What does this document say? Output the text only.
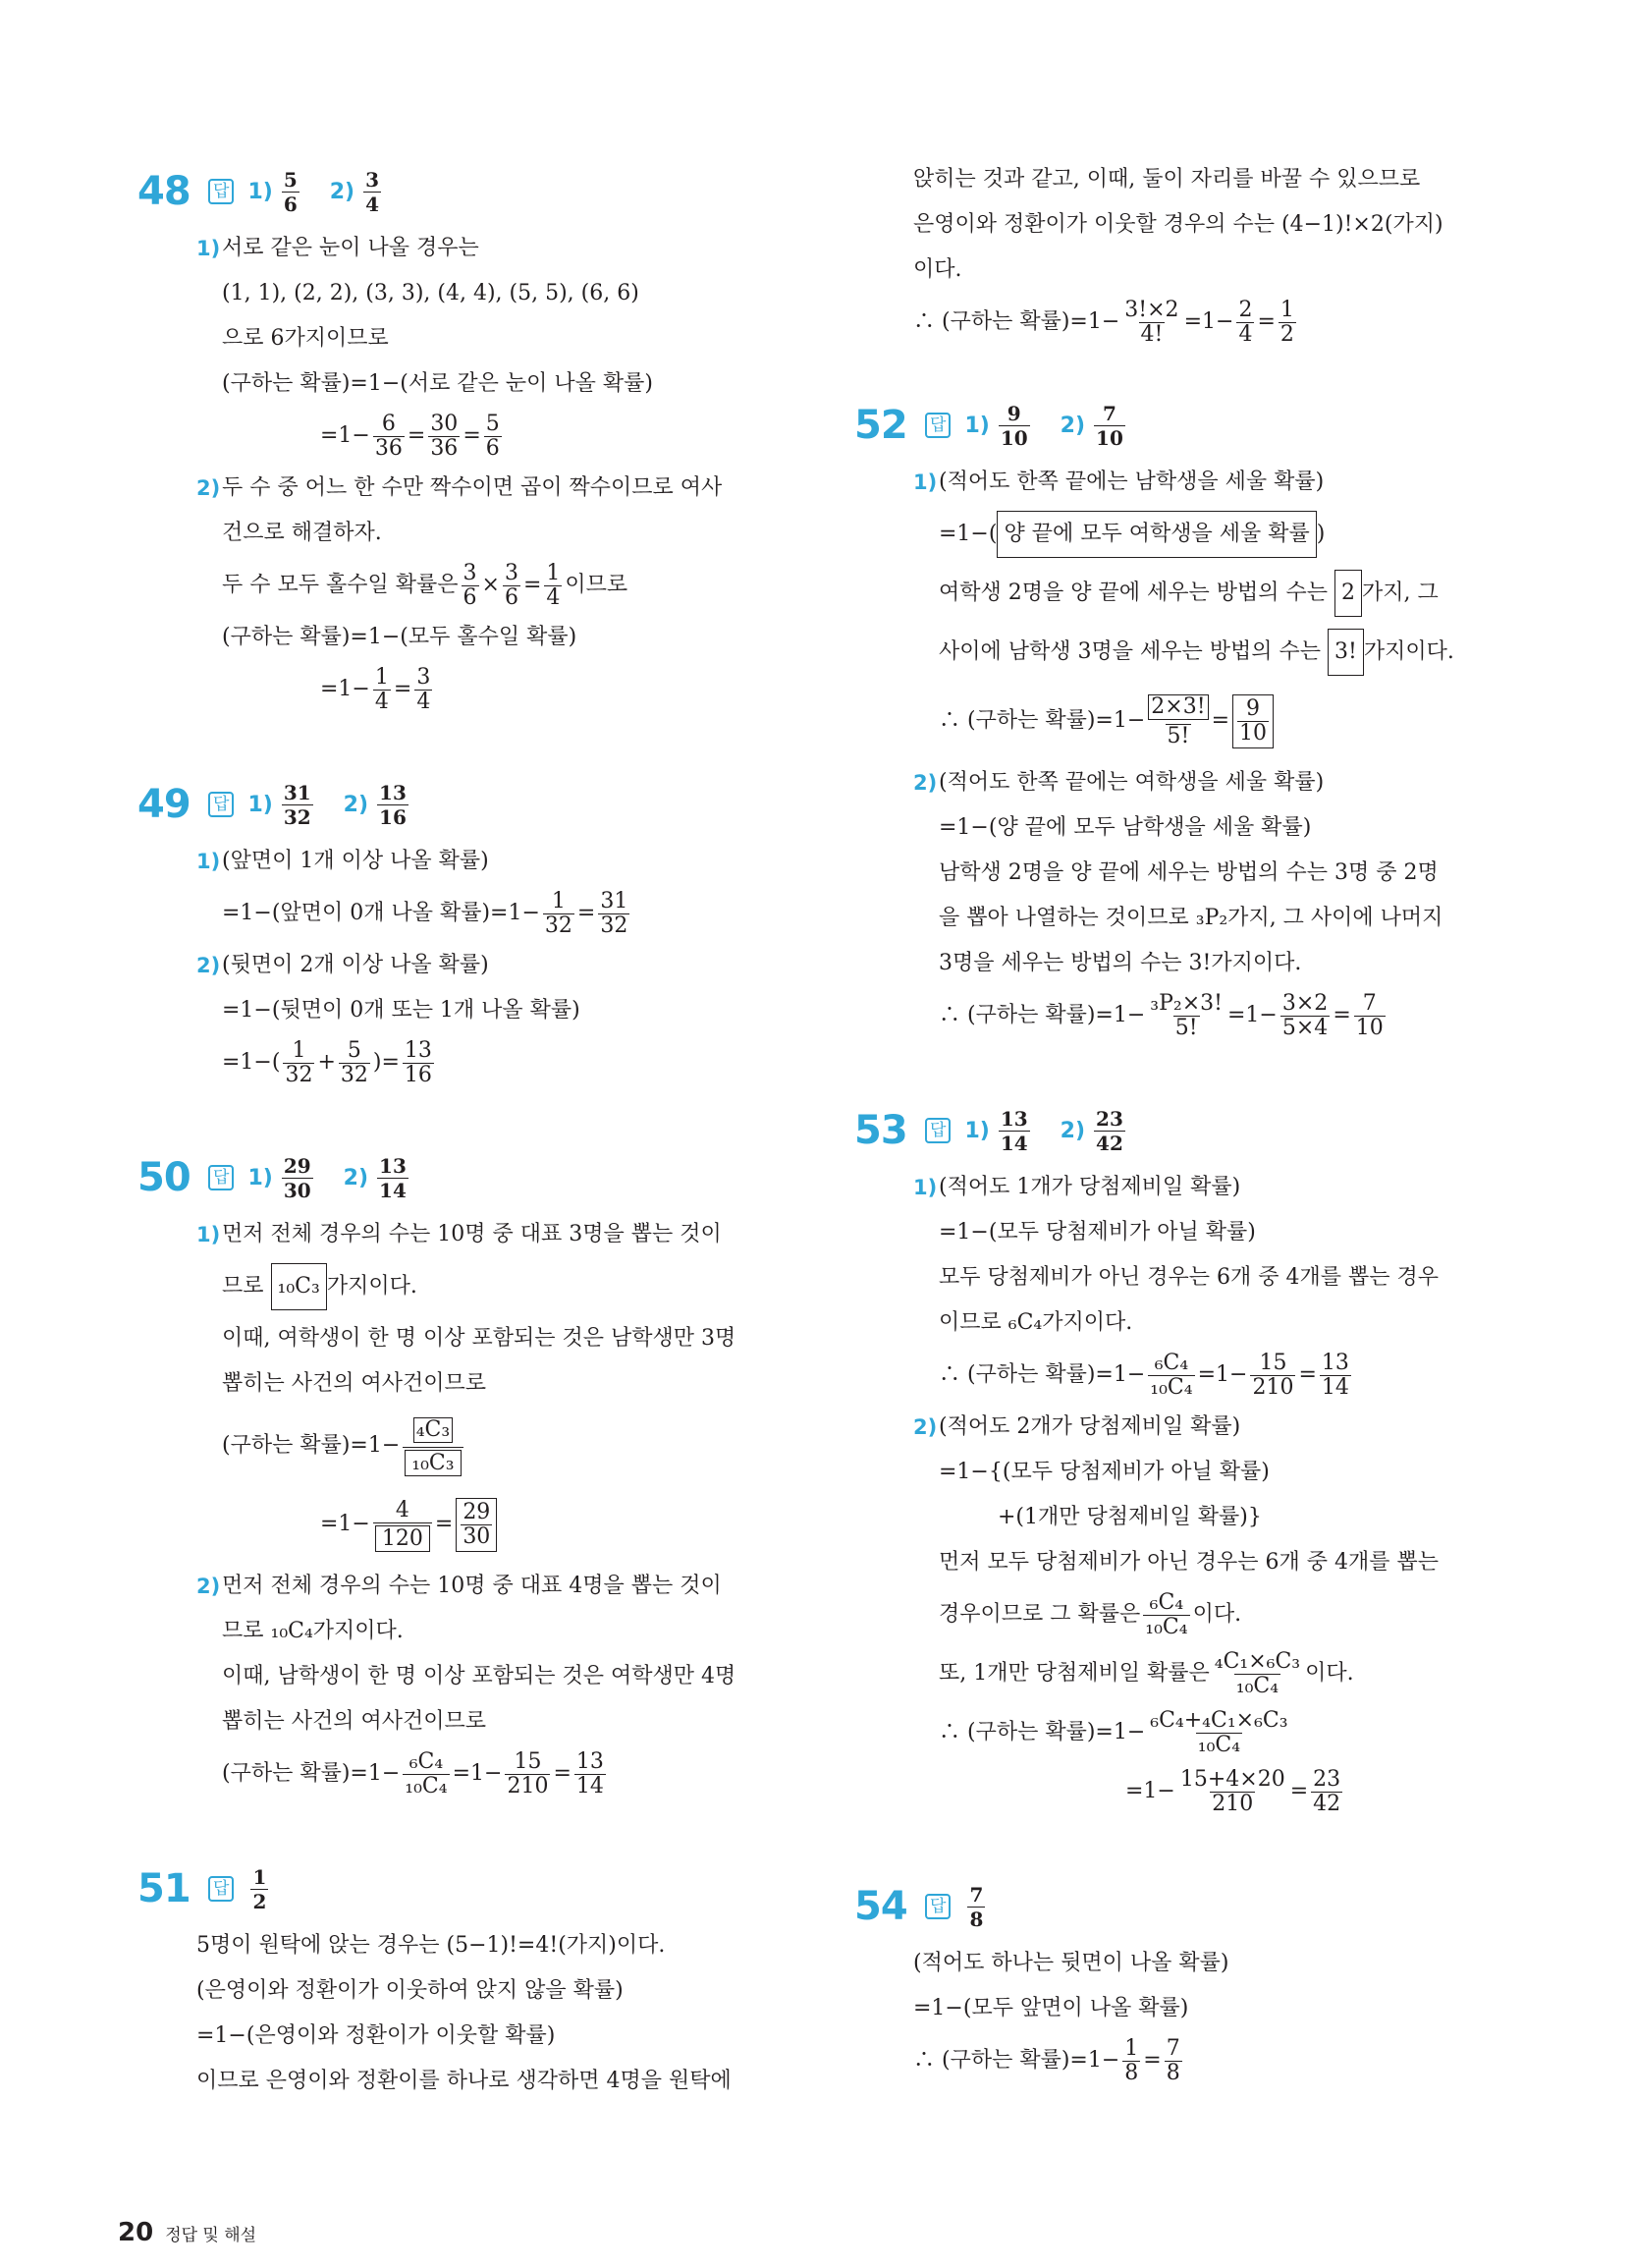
48	답 $1) \frac{5}{6} 2) \frac{3}{4}$
1) 서로 같은 눈이 나올 경우는
(1, 1), (2, 2), (3, 3), (4, 4), (5, 5), (6, 6)
으로 6가지이므로
(구하는 확률)=1−(서로 같은 눈이 나올 확률)
$=1- \frac{6}{36} = \frac{30}{36} = \frac{5}{6}$
2) 두 수 중 어느 한 수만 짝수이면 곱이 짝수이므로 여사
건으로 해결하자.
두 수 모두 홀수일 확률은 $\frac{3}{6} \times \frac{3}{6} = \frac{1}{4}$ 이므로
(구하는 확률)=1−(모두 홀수일 확률)
$=1- \frac{1}{4} = \frac{3}{4}$
49	답 $1) \frac{31}{32} 2) \frac{13}{16}$
1) (앞면이 1개 이상 나올 확률)
=1−(앞면이 0개 나올 확률)$=1- \frac{1}{32} = \frac{31}{32}$
2) (뒷면이 2개 이상 나올 확률)
=1−(뒷면이 0개 또는 1개 나올 확률)
$=1-( \frac{1}{32} + \frac{5}{32}$ )= $\frac{13}{16}$
50	답 $1) \frac{29}{30} 2) \frac{13}{14}$
1) 먼저 전체 경우의 수는 10명 중 대표 3명을 뽑는 것이
므로
₁₀C₃ 가지이다.
이때, 여학생이 한 명 이상 포함되는 것은 남학생만 3명
뽑히는 사건의 여사건이므로
(구하는 확률)$=1- \frac{\text{₄C₃}}{\text{₁₀C₃}}$
$=1- \frac{4}{120} = \frac{29}{30}$
2) 먼저 전체 경우의 수는 10명 중 대표 4명을 뽑는 것이
므로 ₁₀C₄가지이다.
이때, 남학생이 한 명 이상 포함되는 것은 여학생만 4명
뽑히는 사건의 여사건이므로
(구하는 확률)$=1- \frac{\text{₆C₄}}{\text{₁₀C₄}} =1- \frac{15}{210} = \frac{13}{14}$
51	답 $\frac{1}{2}$
5명이 원탁에 앉는 경우는 (5−1)!=4!(가지)이다.
(은영이와 정환이가 이웃하여 앉지 않을 확률)
=1−(은영이와 정환이가 이웃할 확률)
이므로 은영이와 정환이를 하나로 생각하면 4명을 원탁에
앉히는 것과 같고, 이때, 둘이 자리를 바꿀 수 있으므로
은영이와 정환이가 이웃할 경우의 수는 (4−1)!×2(가지)
이다.
∴ (구하는 확률)$=1- \frac{3!\times 2}{4!} =1- \frac{2}{4} = \frac{1}{2}$
52	답 $1) \frac{9}{10} 2) \frac{7}{10}$
1) (적어도 한쪽 끝에는 남학생을 세울 확률)
=1−( 양 끝에 모두 여학생을 세울 확률 )
여학생 2명을 양 끝에 세우는 방법의 수는
2 가지, 그
사이에 남학생 3명을 세우는 방법의 수는
3! 가지이다.
∴ (구하는 확률)$=1- \frac{2\times 3!}{5!} = \frac{9}{10}$
2) (적어도 한쪽 끝에는 여학생을 세울 확률)
=1−(양 끝에 모두 남학생을 세울 확률)
남학생 2명을 양 끝에 세우는 방법의 수는 3명 중 2명
을 뽑아 나열하는 것이므로 ₃P₂가지, 그 사이에 나머지
3명을 세우는 방법의 수는 3!가지이다.
∴ (구하는 확률)$=1- \frac{\text{₃P₂×3!}}{5!} =1- \frac{3\times 2}{5\times 4} = \frac{7}{10}$
53	답 $1) \frac{13}{14} 2) \frac{23}{42}$
1) (적어도 1개가 당첨제비일 확률)
=1−(모두 당첨제비가 아닐 확률)
모두 당첨제비가 아닌 경우는 6개 중 4개를 뽑는 경우
이므로 ₆C₄가지이다.
∴ (구하는 확률)$=1- \frac{\text{₆C₄}}{\text{₁₀C₄}} =1- \frac{15}{210} = \frac{13}{14}$
2) (적어도 2개가 당첨제비일 확률)
=1−{(모두 당첨제비가 아닐 확률)
+(1개만 당첨제비일 확률)}
먼저 모두 당첨제비가 아닌 경우는 6개 중 4개를 뽑는
경우이므로 그 확률은 $\frac{\text{₆C₄}}{\text{₁₀C₄}}$ 이다.
또, 1개만 당첨제비일 확률은 $\frac{\text{₄C₁×₆C₃}}{\text{₁₀C₄}}$ 이다.
∴ (구하는 확률)$=1- \frac{\text{₆C₄+₄C₁×₆C₃}}{\text{₁₀C₄}}$
$=1- \frac{15+4\times 20}{210} = \frac{23}{42}$
54	답 $\frac{7}{8}$
(적어도 하나는 뒷면이 나올 확률)
=1−(모두 앞면이 나올 확률)
∴ (구하는 확률)$=1- \frac{1}{8} = \frac{7}{8}$
20 정답 및 해설
